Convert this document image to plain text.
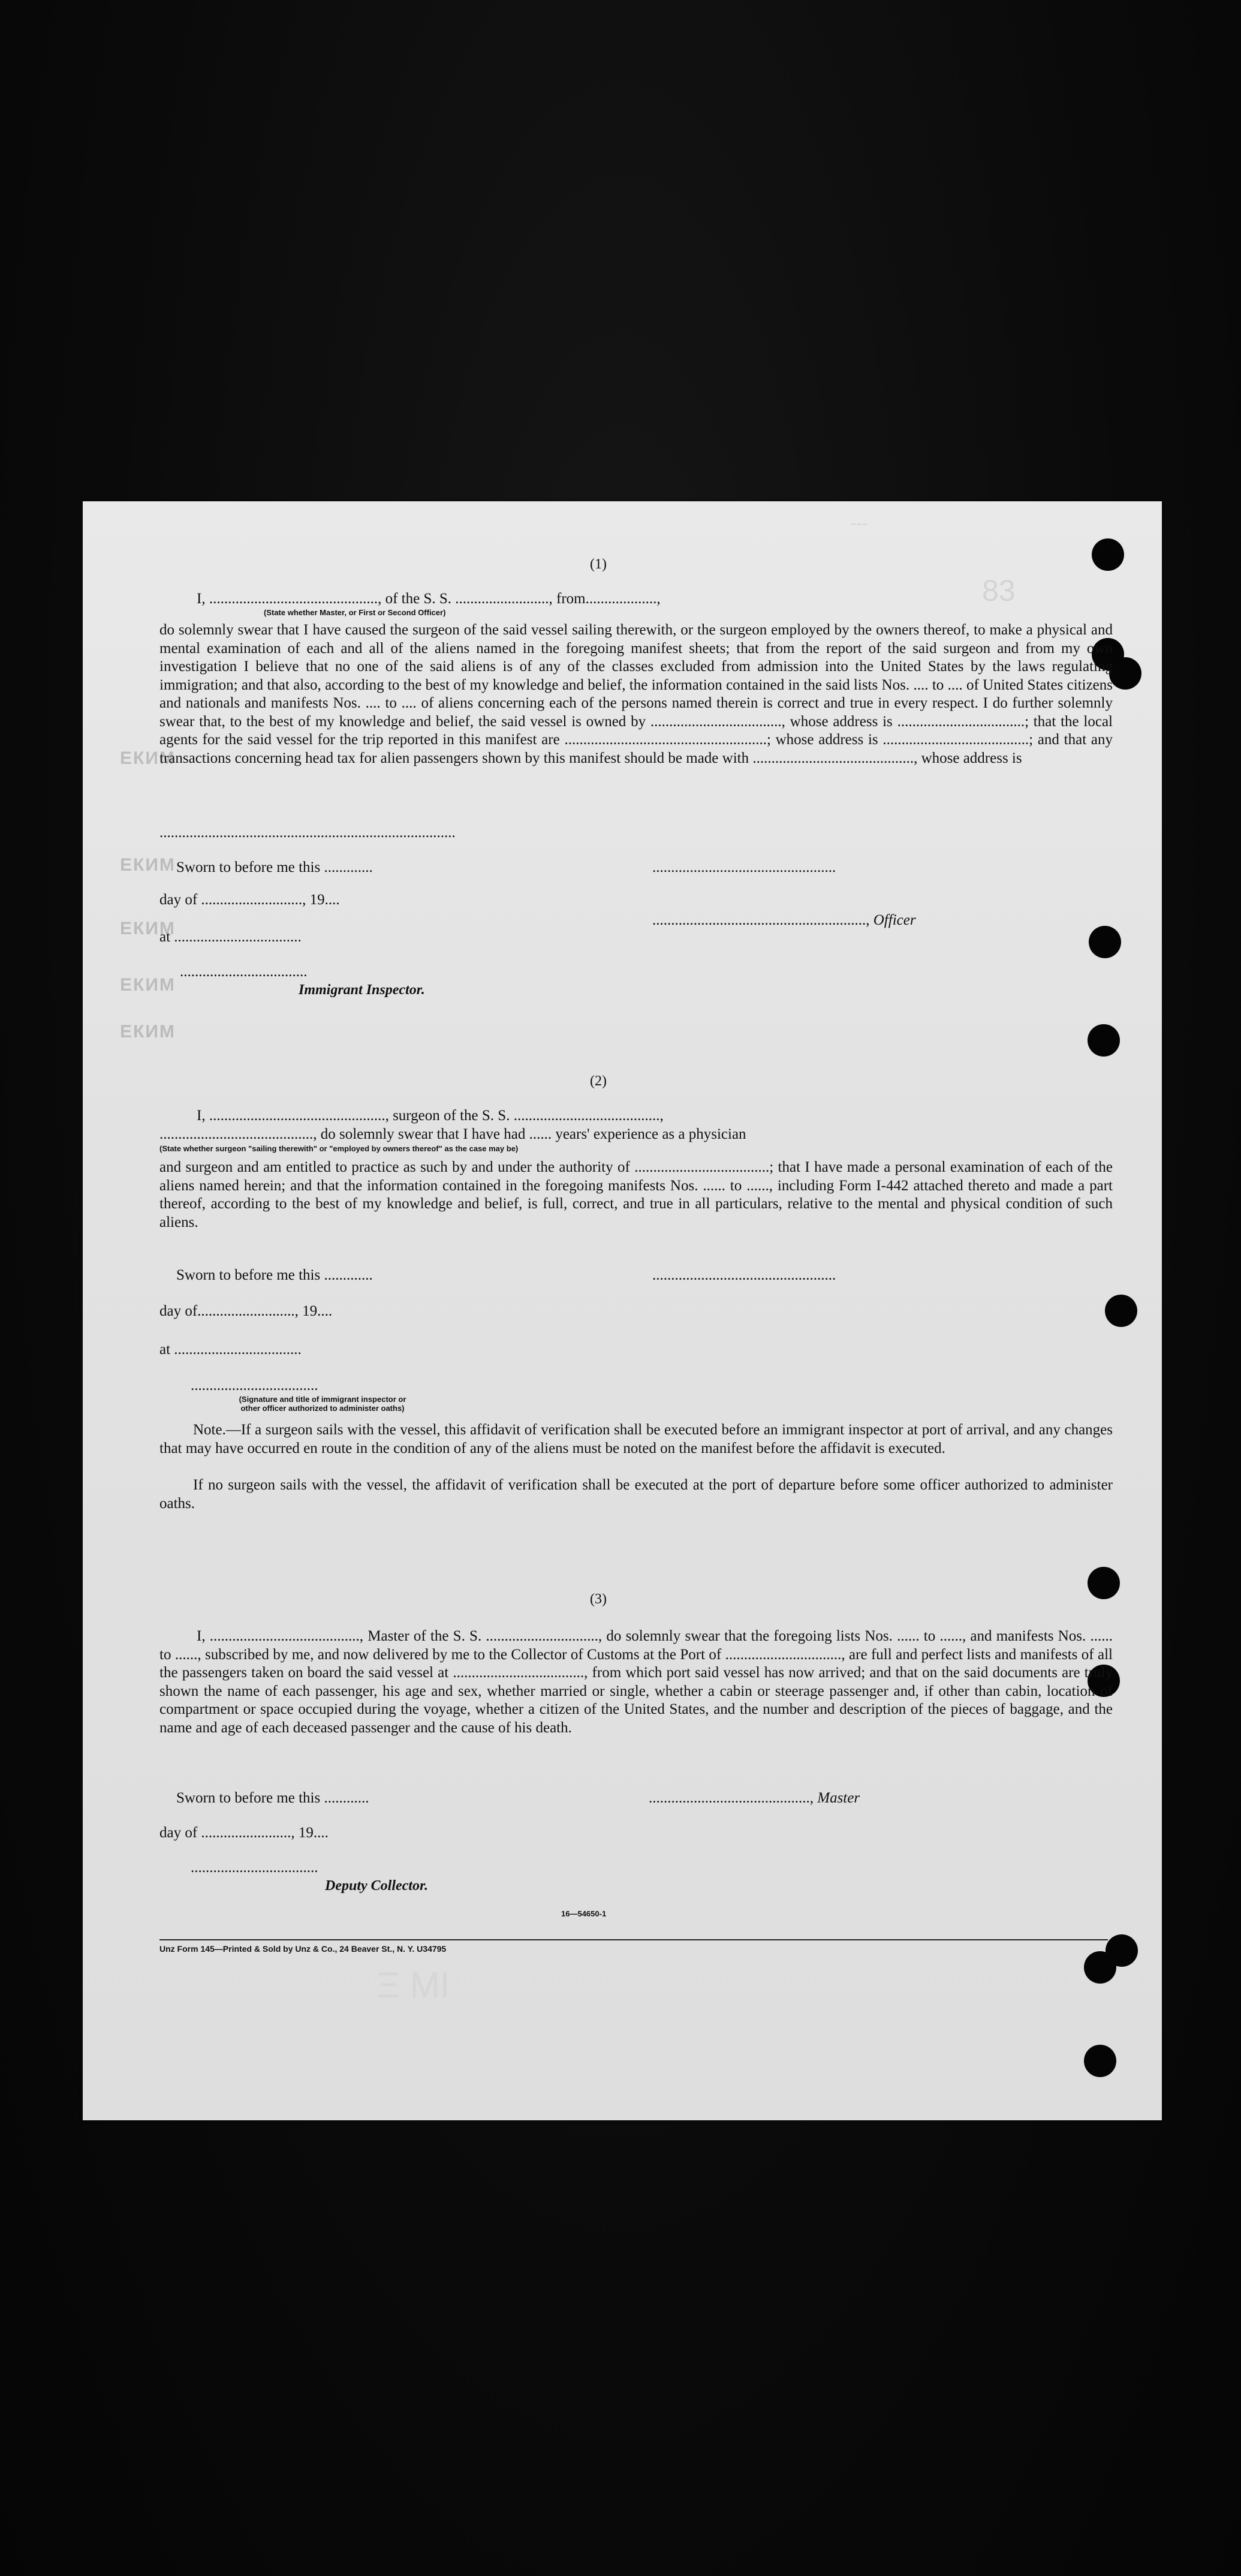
ЕКИМ
ЕКИМ
ЕКИМ
ЕКИМ
ЕКИМ
83
---
(1)
I, ............................................., of the S. S. ........................., from...................,
(State whether Master, or First or Second Officer)
do solemnly swear that I have caused the surgeon of the said vessel sailing therewith, or the surgeon employed by the owners thereof, to make a physical and mental examination of each and all of the aliens named in the foregoing manifest sheets; that from the report of the said surgeon and from my own investigation I believe that no one of the said aliens is of any of the classes excluded from admission into the United States by the laws regulating immigration; and that also, according to the best of my knowledge and belief, the information contained in the said lists Nos. .... to .... of United States citizens and nationals and manifests Nos. .... to .... of aliens concerning each of the persons named therein is correct and true in every respect. I do further solemnly swear that, to the best of my knowledge and belief, the said vessel is owned by ..................................., whose address is ..................................; that the local agents for the said vessel for the trip reported in this manifest are ......................................................; whose address is .......................................; and that any transactions concerning head tax for alien passengers shown by this manifest should be made with ..........................................., whose address is
...............................................................................
Sworn to before me this .............	.................................................
day of ..........................., 19....
........................................................., Officer
at ..................................
..................................
Immigrant Inspector.
(2)
I, ..............................................., surgeon of the S. S. .......................................,
........................................., do solemnly swear that I have had ...... years' experience as a physician
(State whether surgeon "sailing therewith" or "employed by owners thereof" as the case may be)
and surgeon and am entitled to practice as such by and under the authority of ....................................; that I have made a personal examination of each of the aliens named herein; and that the information contained in the foregoing manifests Nos. ...... to ......, including Form I-442 attached thereto and made a part thereof, according to the best of my knowledge and belief, is full, correct, and true in all particulars, relative to the mental and physical condition of such aliens.
Sworn to before me this .............	.................................................
day of.........................., 19....
at ..................................
..................................
(Signature and title of immigrant inspector or
other officer authorized to administer oaths)
Note.—If a surgeon sails with the vessel, this affidavit of verification shall be executed before an immigrant inspector at port of arrival, and any changes that may have occurred en route in the condition of any of the aliens must be noted on the manifest before the affidavit is executed.
If no surgeon sails with the vessel, the affidavit of verification shall be executed at the port of departure before some officer authorized to administer oaths.
(3)
I, ........................................, Master of the S. S. .............................., do solemnly swear that the foregoing lists Nos. ...... to ......, and manifests Nos. ...... to ......, subscribed by me, and now delivered by me to the Collector of Customs at the Port of ..............................., are full and perfect lists and manifests of all the passengers taken on board the said vessel at ..................................., from which port said vessel has now arrived; and that on the said documents are truly shown the name of each passenger, his age and sex, whether married or single, whether a cabin or steerage passenger and, if other than cabin, location of compartment or space occupied during the voyage, whether a citizen of the United States, and the number and description of the pieces of baggage, and the name and age of each deceased passenger and the cause of his death.
Sworn to before me this ............	..........................................., Master
day of ........................, 19....
..................................
Deputy Collector.
16—54650-1
Unz Form 145—Printed & Sold by Unz & Co., 24 Beaver St., N. Y. U34795
Ξ ΜΙ
